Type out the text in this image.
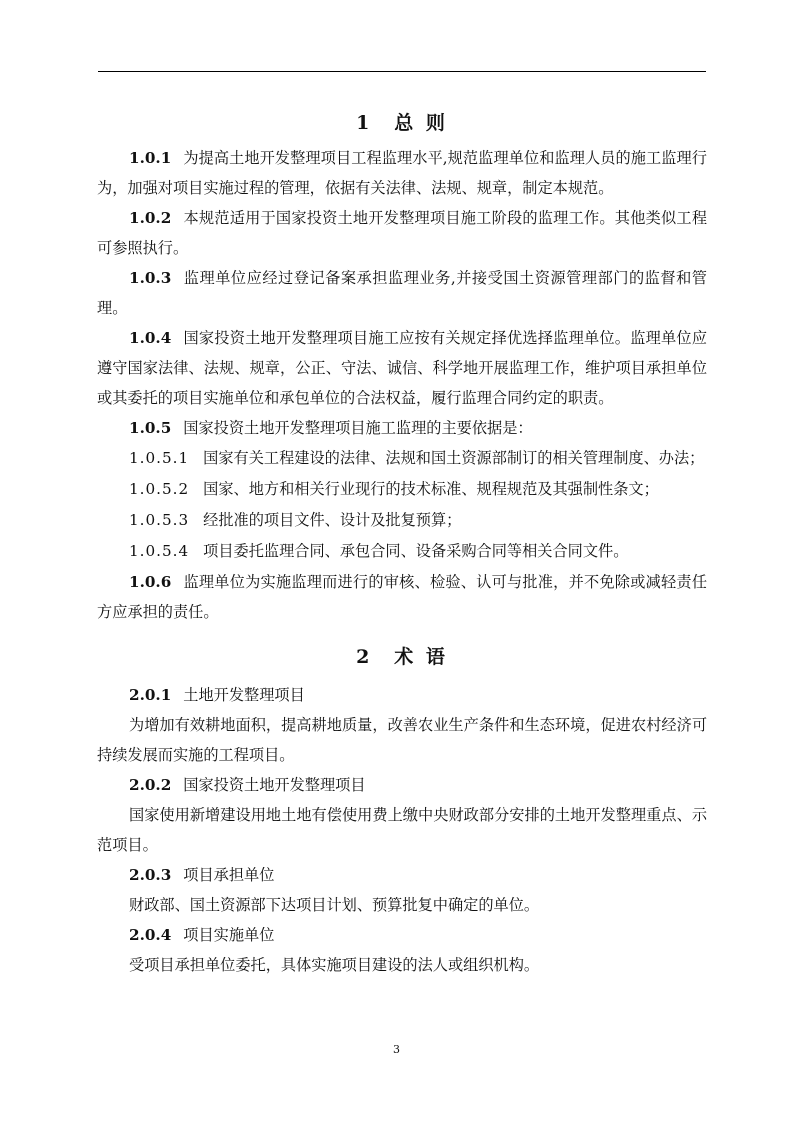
1　总 则

1.0.1 为提高土地开发整理项目工程监理水平,规范监理单位和监理人员的施工监理行为，加强对项目实施过程的管理，依据有关法律、法规、规章，制定本规范。

1.0.2 本规范适用于国家投资土地开发整理项目施工阶段的监理工作。其他类似工程可参照执行。

1.0.3 监理单位应经过登记备案承担监理业务,并接受国土资源管理部门的监督和管理。

1.0.4 国家投资土地开发整理项目施工应按有关规定择优选择监理单位。监理单位应遵守国家法律、法规、规章，公正、守法、诚信、科学地开展监理工作，维护项目承担单位或其委托的项目实施单位和承包单位的合法权益，履行监理合同约定的职责。

1.0.5 国家投资土地开发整理项目施工监理的主要依据是：

1.0.5.1 国家有关工程建设的法律、法规和国土资源部制订的相关管理制度、办法；

1.0.5.2 国家、地方和相关行业现行的技术标准、规程规范及其强制性条文；

1.0.5.3 经批准的项目文件、设计及批复预算；

1.0.5.4 项目委托监理合同、承包合同、设备采购合同等相关合同文件。

1.0.6 监理单位为实施监理而进行的审核、检验、认可与批准，并不免除或减轻责任方应承担的责任。

2　术 语

2.0.1 土地开发整理项目

为增加有效耕地面积，提高耕地质量，改善农业生产条件和生态环境，促进农村经济可持续发展而实施的工程项目。

2.0.2 国家投资土地开发整理项目

国家使用新增建设用地土地有偿使用费上缴中央财政部分安排的土地开发整理重点、示范项目。

2.0.3 项目承担单位

财政部、国土资源部下达项目计划、预算批复中确定的单位。

2.0.4 项目实施单位

受项目承担单位委托，具体实施项目建设的法人或组织机构。

3
